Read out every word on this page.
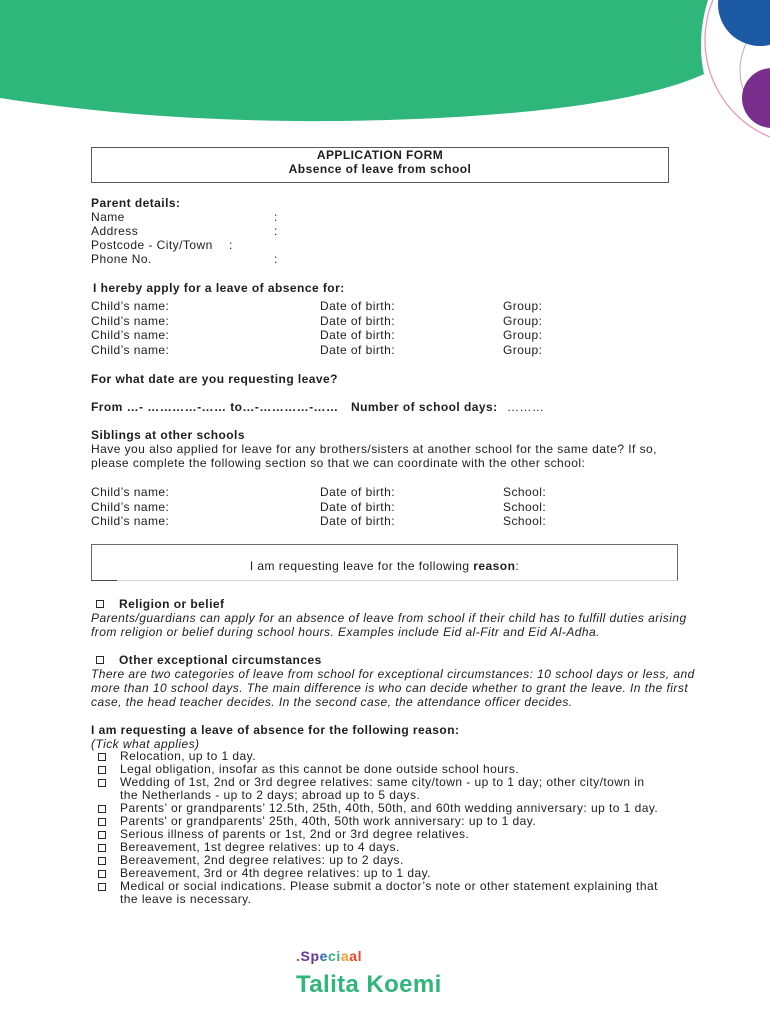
APPLICATION FORM
Absence of leave from school
Parent details:
Name	:
Address	:
Postcode - City/Town :
Phone No.	:
I hereby apply for a leave of absence for:
Child’s name:	Date of birth:	Group:
Child’s name:	Date of birth:	Group:
Child’s name:	Date of birth:	Group:
Child’s name:	Date of birth:	Group:
For what date are you requesting leave?
From …- …………-…… to…-…………-…… Number of school days: ………
Siblings at other schools
Have you also applied for leave for any brothers/sisters at another school for the same date? If so,
please complete the following section so that we can coordinate with the other school:
Child’s name:	Date of birth:	School:
Child’s name:	Date of birth:	School:
Child’s name:	Date of birth:	School:
I am requesting leave for the following reason:
Religion or belief
Parents/guardians can apply for an absence of leave from school if their child has to fulfill duties arising
from religion or belief during school hours. Examples include Eid al-Fitr and Eid Al-Adha.
Other exceptional circumstances
There are two categories of leave from school for exceptional circumstances: 10 school days or less, and
more than 10 school days. The main difference is who can decide whether to grant the leave. In the first
case, the head teacher decides. In the second case, the attendance officer decides.
I am requesting a leave of absence for the following reason:
(Tick what applies)
Relocation, up to 1 day.
Legal obligation, insofar as this cannot be done outside school hours.
Wedding of 1st, 2nd or 3rd degree relatives: same city/town - up to 1 day; other city/town in
the Netherlands - up to 2 days; abroad up to 5 days.
Parents’ or grandparents’ 12.5th, 25th, 40th, 50th, and 60th wedding anniversary: up to 1 day.
Parents' or grandparents' 25th, 40th, 50th work anniversary: up to 1 day.
Serious illness of parents or 1st, 2nd or 3rd degree relatives.
Bereavement, 1st degree relatives: up to 4 days.
Bereavement, 2nd degree relatives: up to 2 days.
Bereavement, 3rd or 4th degree relatives: up to 1 day.
Medical or social indications. Please submit a doctor’s note or other statement explaining that
the leave is necessary.
.Speciaal
Talita Koemi
